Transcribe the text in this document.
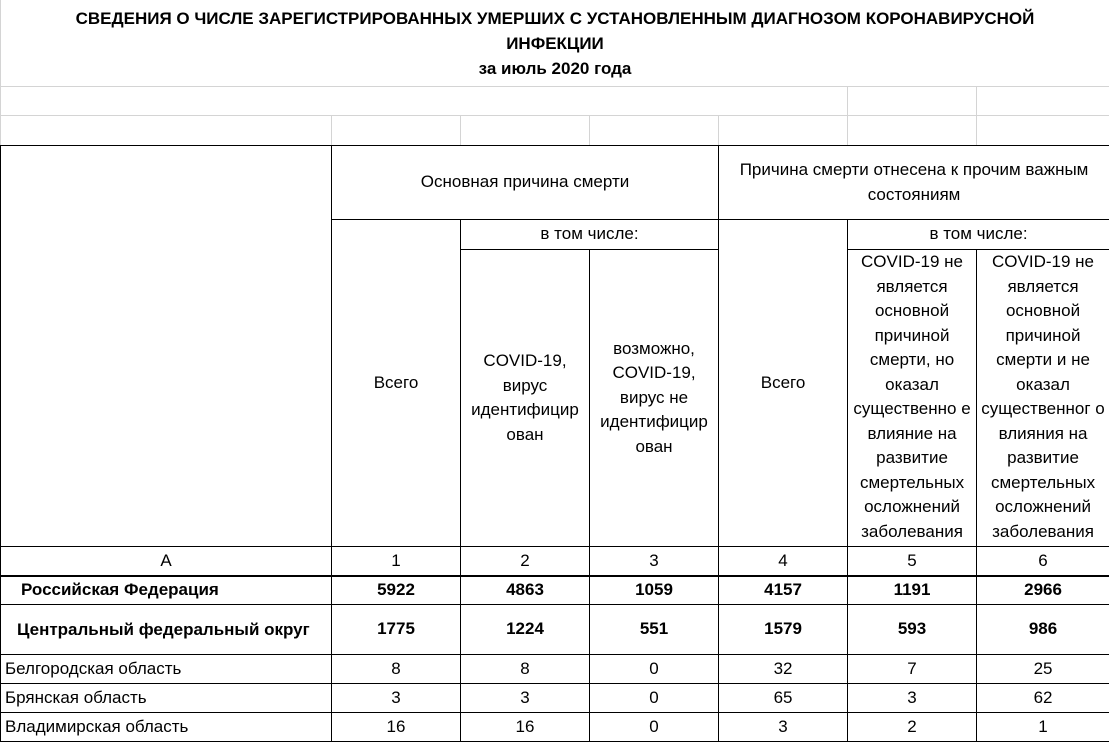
СВЕДЕНИЯ О ЧИСЛЕ ЗАРЕГИСТРИРОВАННЫХ УМЕРШИХ С УСТАНОВЛЕННЫМ ДИАГНОЗОМ КОРОНАВИРУСНОЙ
ИНФЕКЦИИ
за июль 2020 года
	Основная причина смерти			Причина смерти отнесена к прочим важным состояниям		
	Всего	в том числе:		Всего	в том числе:	
		COVID-19, вирус идентифицир ован	возможно, COVID-19, вирус не идентифицир ован		COVID-19 не является основной причиной смерти, но оказал существенно е влияние на развитие смертельных осложнений заболевания	COVID-19 не является основной причиной смерти и не оказал существенног о влияния на развитие смертельных осложнений заболевания
А	1	2	3	4	5	6
Российская Федерация	5922	4863	1059	4157	1191	2966
Центральный федеральный округ	1775	1224	551	1579	593	986
Белгородская область	8	8	0	32	7	25
Брянская область	3	3	0	65	3	62
Владимирская область	16	16	0	3	2	1
